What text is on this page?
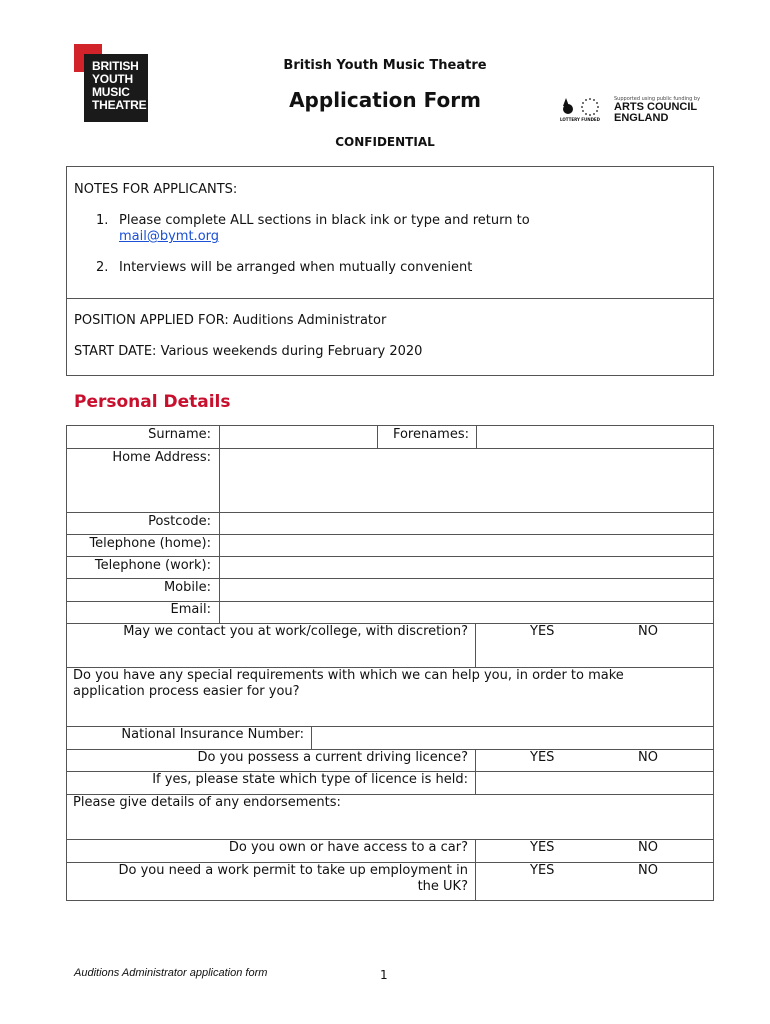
BRITISH
YOUTH
MUSIC
THEATRE
British Youth Music Theatre
Application Form
CONFIDENTIAL
LOTTERY FUNDED
Supported using public funding by
ARTS COUNCIL
ENGLAND
NOTES FOR APPLICANTS:
1. Please complete ALL sections in black ink or type and return to
mail@bymt.org
2. Interviews will be arranged when mutually convenient
POSITION APPLIED FOR: Auditions Administrator
START DATE: Various weekends during February 2020
Personal Details
Surname:	Forenames:
Home Address:
Postcode:
Telephone (home):
Telephone (work):
Mobile:
Email:
May we contact you at work/college, with discretion?	YES	NO
Do you have any special requirements with which we can help you, in order to make
application process easier for you?
National Insurance Number:
Do you possess a current driving licence?	YES	NO
If yes, please state which type of licence is held:
Please give details of any endorsements:
Do you own or have access to a car?	YES	NO
Do you need a work permit to take up employment in
the UK?
YES	NO
Auditions Administrator application form	1
